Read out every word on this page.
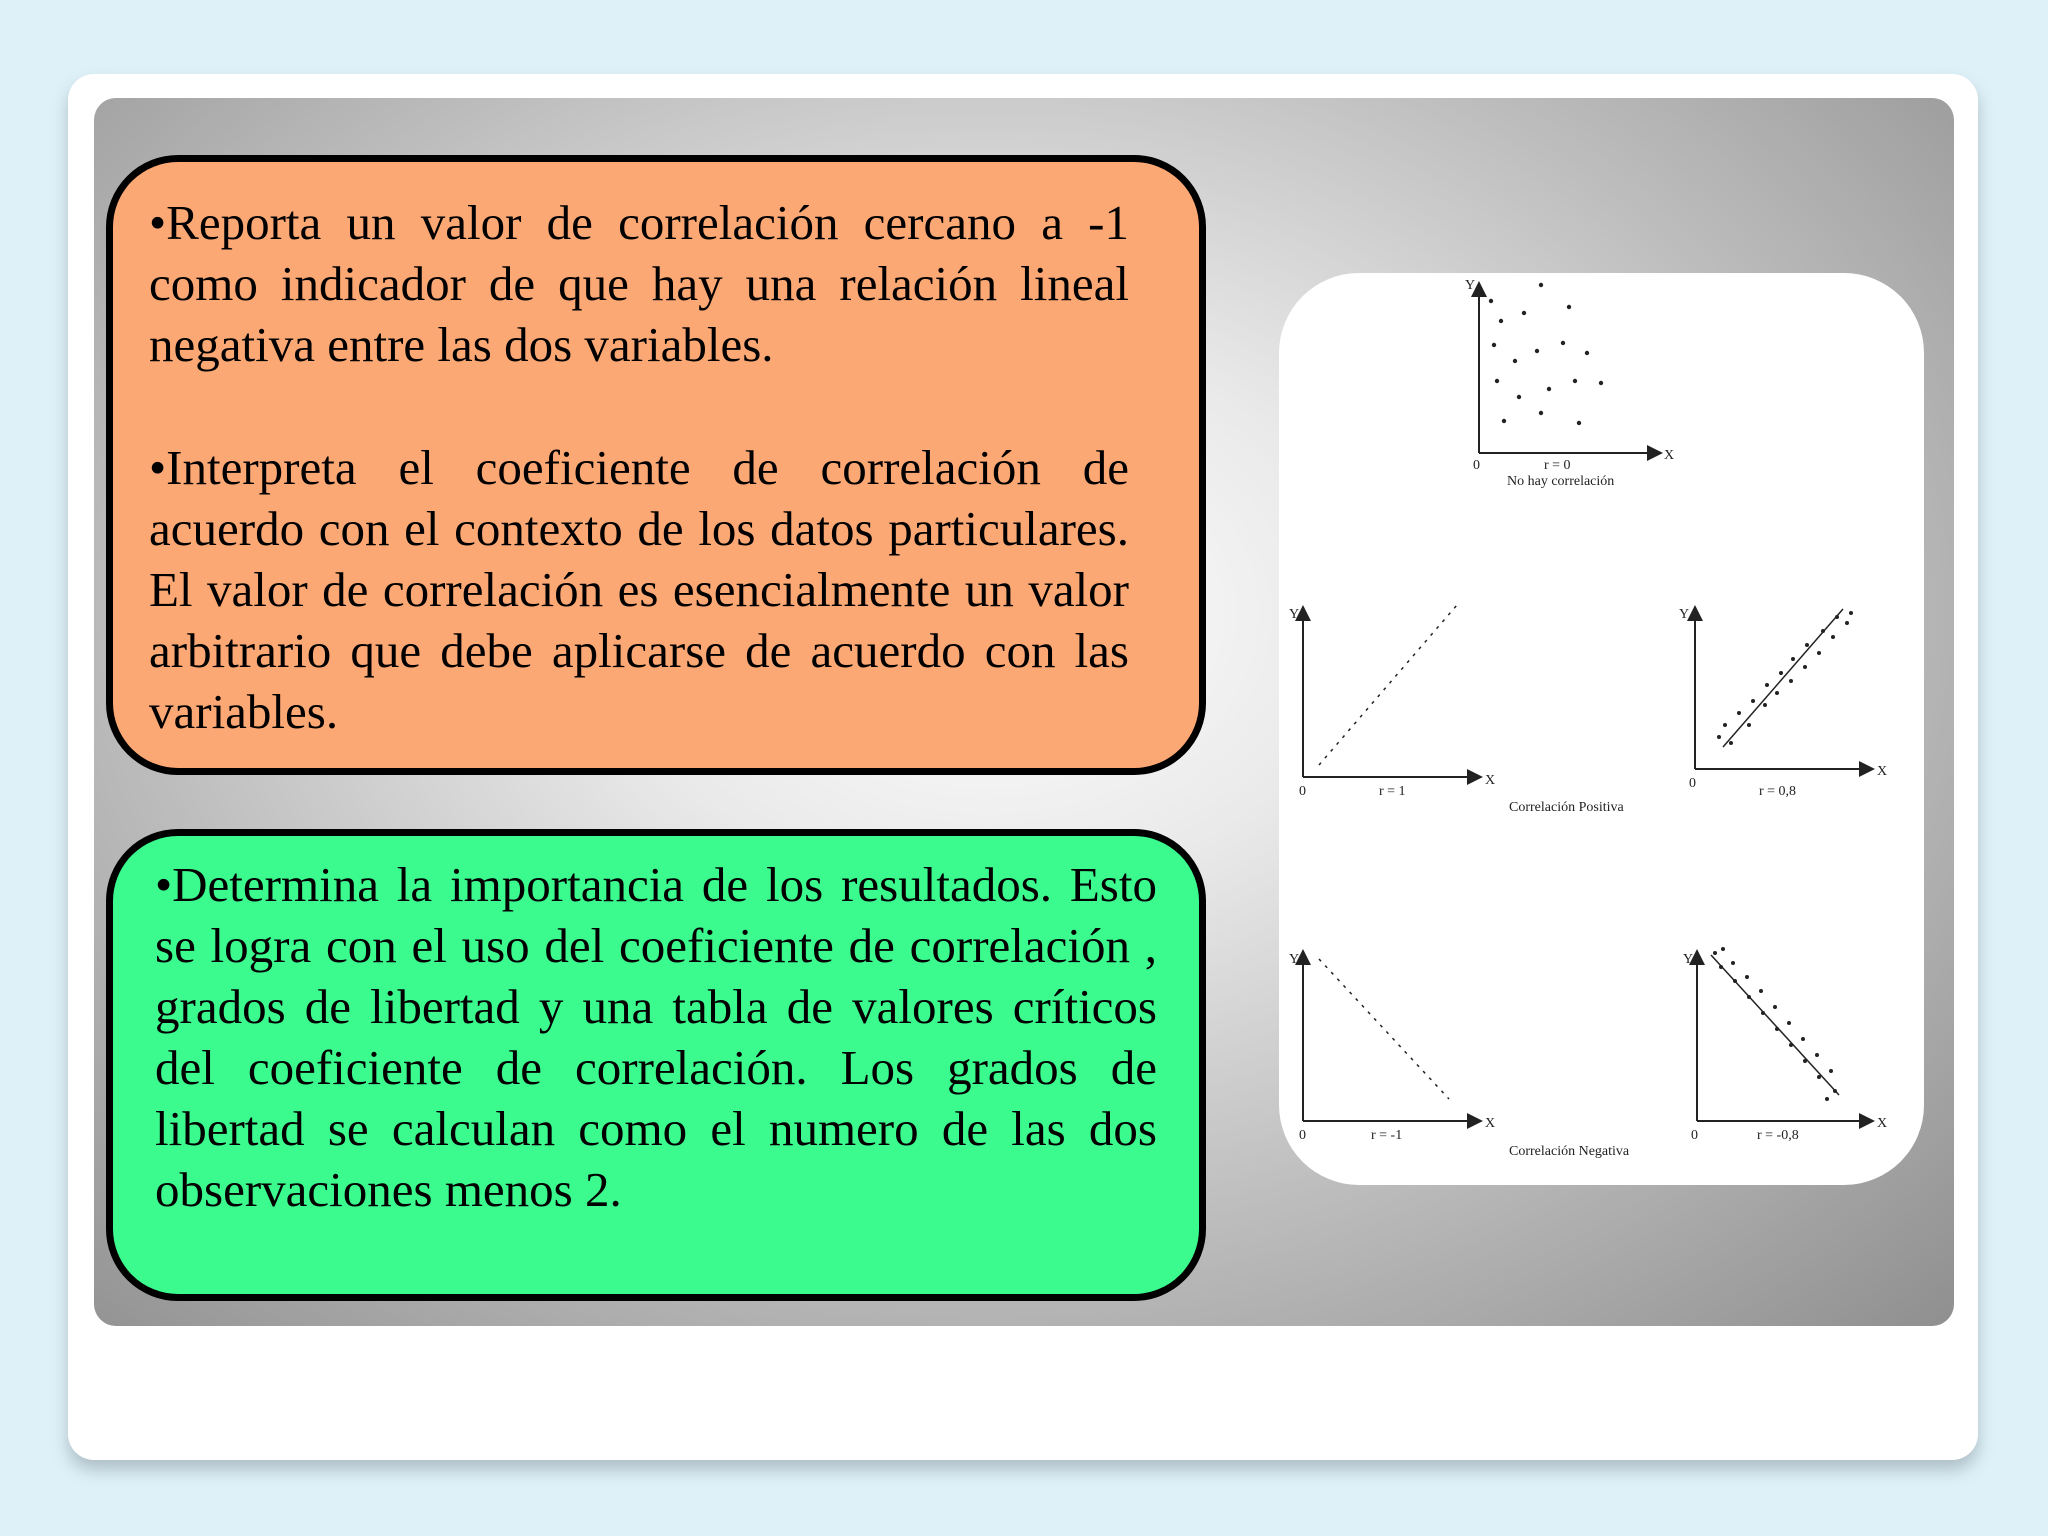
•Reporta un valor de correlación cercano a -1 como indicador de que hay una relación lineal negativa entre las dos variables.

•Interpreta el coeficiente de correlación de acuerdo con el contexto de los datos particulares. El valor de correlación es esencialmente un valor arbitrario que debe aplicarse de acuerdo con las variables.

•Determina la importancia de los resultados. Esto se logra con el uso del coeficiente de correlación , grados de libertad y una tabla de valores críticos del coeficiente de correlación. Los grados de libertad se calculan como el numero de las dos observaciones menos 2.

Y
X
0	r = 0
No hay correlación
Y
X
0	r = 1
Y
X
0
r = 0,8
Correlación Positiva
Y
X
0	r = -1
Y
X
0	r = -0,8
Correlación Negativa
